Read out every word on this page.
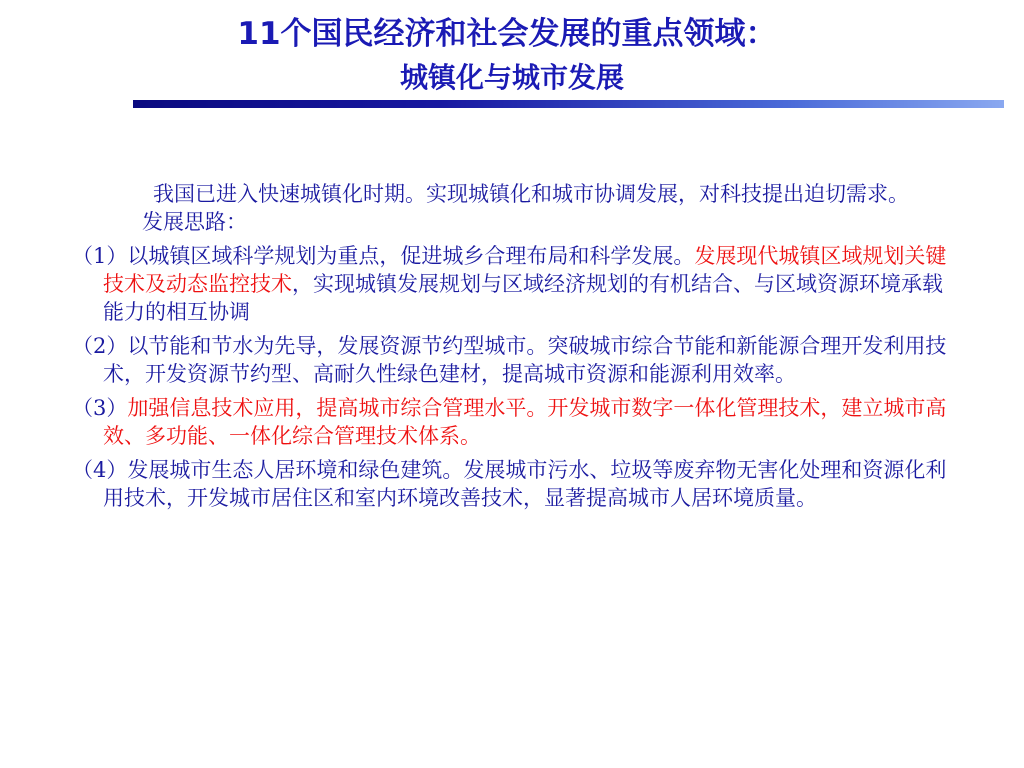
11个国民经济和社会发展的重点领域：
城镇化与城市发展

我国已进入快速城镇化时期。实现城镇化和城市协调发展，对科技提出迫切需求。

发展思路：

（1）以城镇区域科学规划为重点，促进城乡合理布局和科学发展。发展现代城镇区域规划关键技术及动态监控技术，实现城镇发展规划与区域经济规划的有机结合、与区域资源环境承载能力的相互协调

（2）以节能和节水为先导，发展资源节约型城市。突破城市综合节能和新能源合理开发利用技术，开发资源节约型、高耐久性绿色建材，提高城市资源和能源利用效率。

（3）加强信息技术应用，提高城市综合管理水平。开发城市数字一体化管理技术，建立城市高效、多功能、一体化综合管理技术体系。

（4）发展城市生态人居环境和绿色建筑。发展城市污水、垃圾等废弃物无害化处理和资源化利用技术，开发城市居住区和室内环境改善技术，显著提高城市人居环境质量。
